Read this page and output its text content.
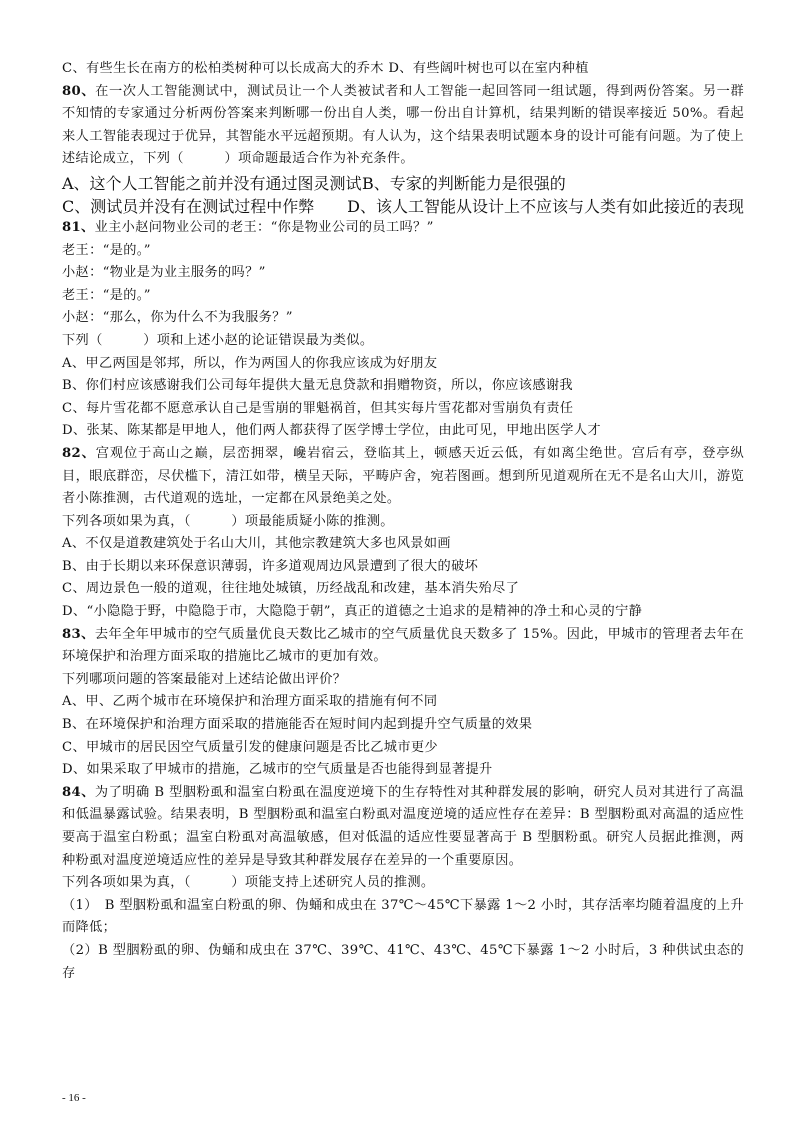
C、有些生长在南方的松柏类树种可以长成高大的乔木 D、有些阔叶树也可以在室内种植
80、在一次人工智能测试中，测试员让一个人类被试者和人工智能一起回答同一组试题，得到两份答案。另一群不知情的专家通过分析两份答案来判断哪一份出自人类，哪一份出自计算机，结果判断的错误率接近 50%。看起来人工智能表现过于优异，其智能水平远超预期。有人认为，这个结果表明试题本身的设计可能有问题。为了使上述结论成立，下列（　　　）项命题最适合作为补充条件。
A、这个人工智能之前并没有通过图灵测试 B、专家的判断能力是很强的
C、测试员并没有在测试过程中作弊	D、该人工智能从设计上不应该与人类有如此接近的表现
81、业主小赵问物业公司的老王：“你是物业公司的员工吗？”
老王：“是的。”
小赵：“物业是为业主服务的吗？”
老王：“是的。”
小赵：“那么，你为什么不为我服务？”
下列（　　　）项和上述小赵的论证错误最为类似。
A、甲乙两国是邻邦，所以，作为两国人的你我应该成为好朋友
B、你们村应该感谢我们公司每年提供大量无息贷款和捐赠物资，所以，你应该感谢我
C、每片雪花都不愿意承认自己是雪崩的罪魁祸首，但其实每片雪花都对雪崩负有责任
D、张某、陈某都是甲地人，他们两人都获得了医学博士学位，由此可见，甲地出医学人才
82、宫观位于高山之巅，层峦拥翠，巉岩宿云，登临其上，顿感天近云低，有如离尘绝世。宫后有亭，登亭纵目，眼底群峦，尽伏槛下，清江如带，横呈天际，平畴庐舍，宛若图画。想到所见道观所在无不是名山大川，游览者小陈推测，古代道观的选址，一定都在风景绝美之处。
下列各项如果为真，（　　　）项最能质疑小陈的推测。
A、不仅是道教建筑处于名山大川，其他宗教建筑大多也风景如画
B、由于长期以来环保意识薄弱，许多道观周边风景遭到了很大的破坏
C、周边景色一般的道观，往往地处城镇，历经战乱和改建，基本消失殆尽了
D、“小隐隐于野，中隐隐于市，大隐隐于朝”，真正的道德之士追求的是精神的净土和心灵的宁静
83、去年全年甲城市的空气质量优良天数比乙城市的空气质量优良天数多了 15%。因此，甲城市的管理者去年在环境保护和治理方面采取的措施比乙城市的更加有效。
下列哪项问题的答案最能对上述结论做出评价？
A、甲、乙两个城市在环境保护和治理方面采取的措施有何不同
B、在环境保护和治理方面采取的措施能否在短时间内起到提升空气质量的效果
C、甲城市的居民因空气质量引发的健康问题是否比乙城市更少
D、如果采取了甲城市的措施，乙城市的空气质量是否也能得到显著提升
84、为了明确 B 型胭粉虱和温室白粉虱在温度逆境下的生存特性对其种群发展的影响，研究人员对其进行了高温和低温暴露试验。结果表明，B 型胭粉虱和温室白粉虱对温度逆境的适应性存在差异：B 型胭粉虱对高温的适应性要高于温室白粉虱；温室白粉虱对高温敏感，但对低温的适应性要显著高于 B 型胭粉虱。研究人员据此推测，两种粉虱对温度逆境适应性的差异是导致其种群发展存在差异的一个重要原因。
下列各项如果为真，（　　　）项能支持上述研究人员的推测。
（1）　B 型胭粉虱和温室白粉虱的卵、伪蛹和成虫在 37℃～45℃下暴露 1～2 小时，其存活率均随着温度的上升而降低；
（2）B 型胭粉虱的卵、伪蛹和成虫在 37℃、39℃、41℃、43℃、45℃下暴露 1～2 小时后，3 种供试虫态的存
- 16 -
